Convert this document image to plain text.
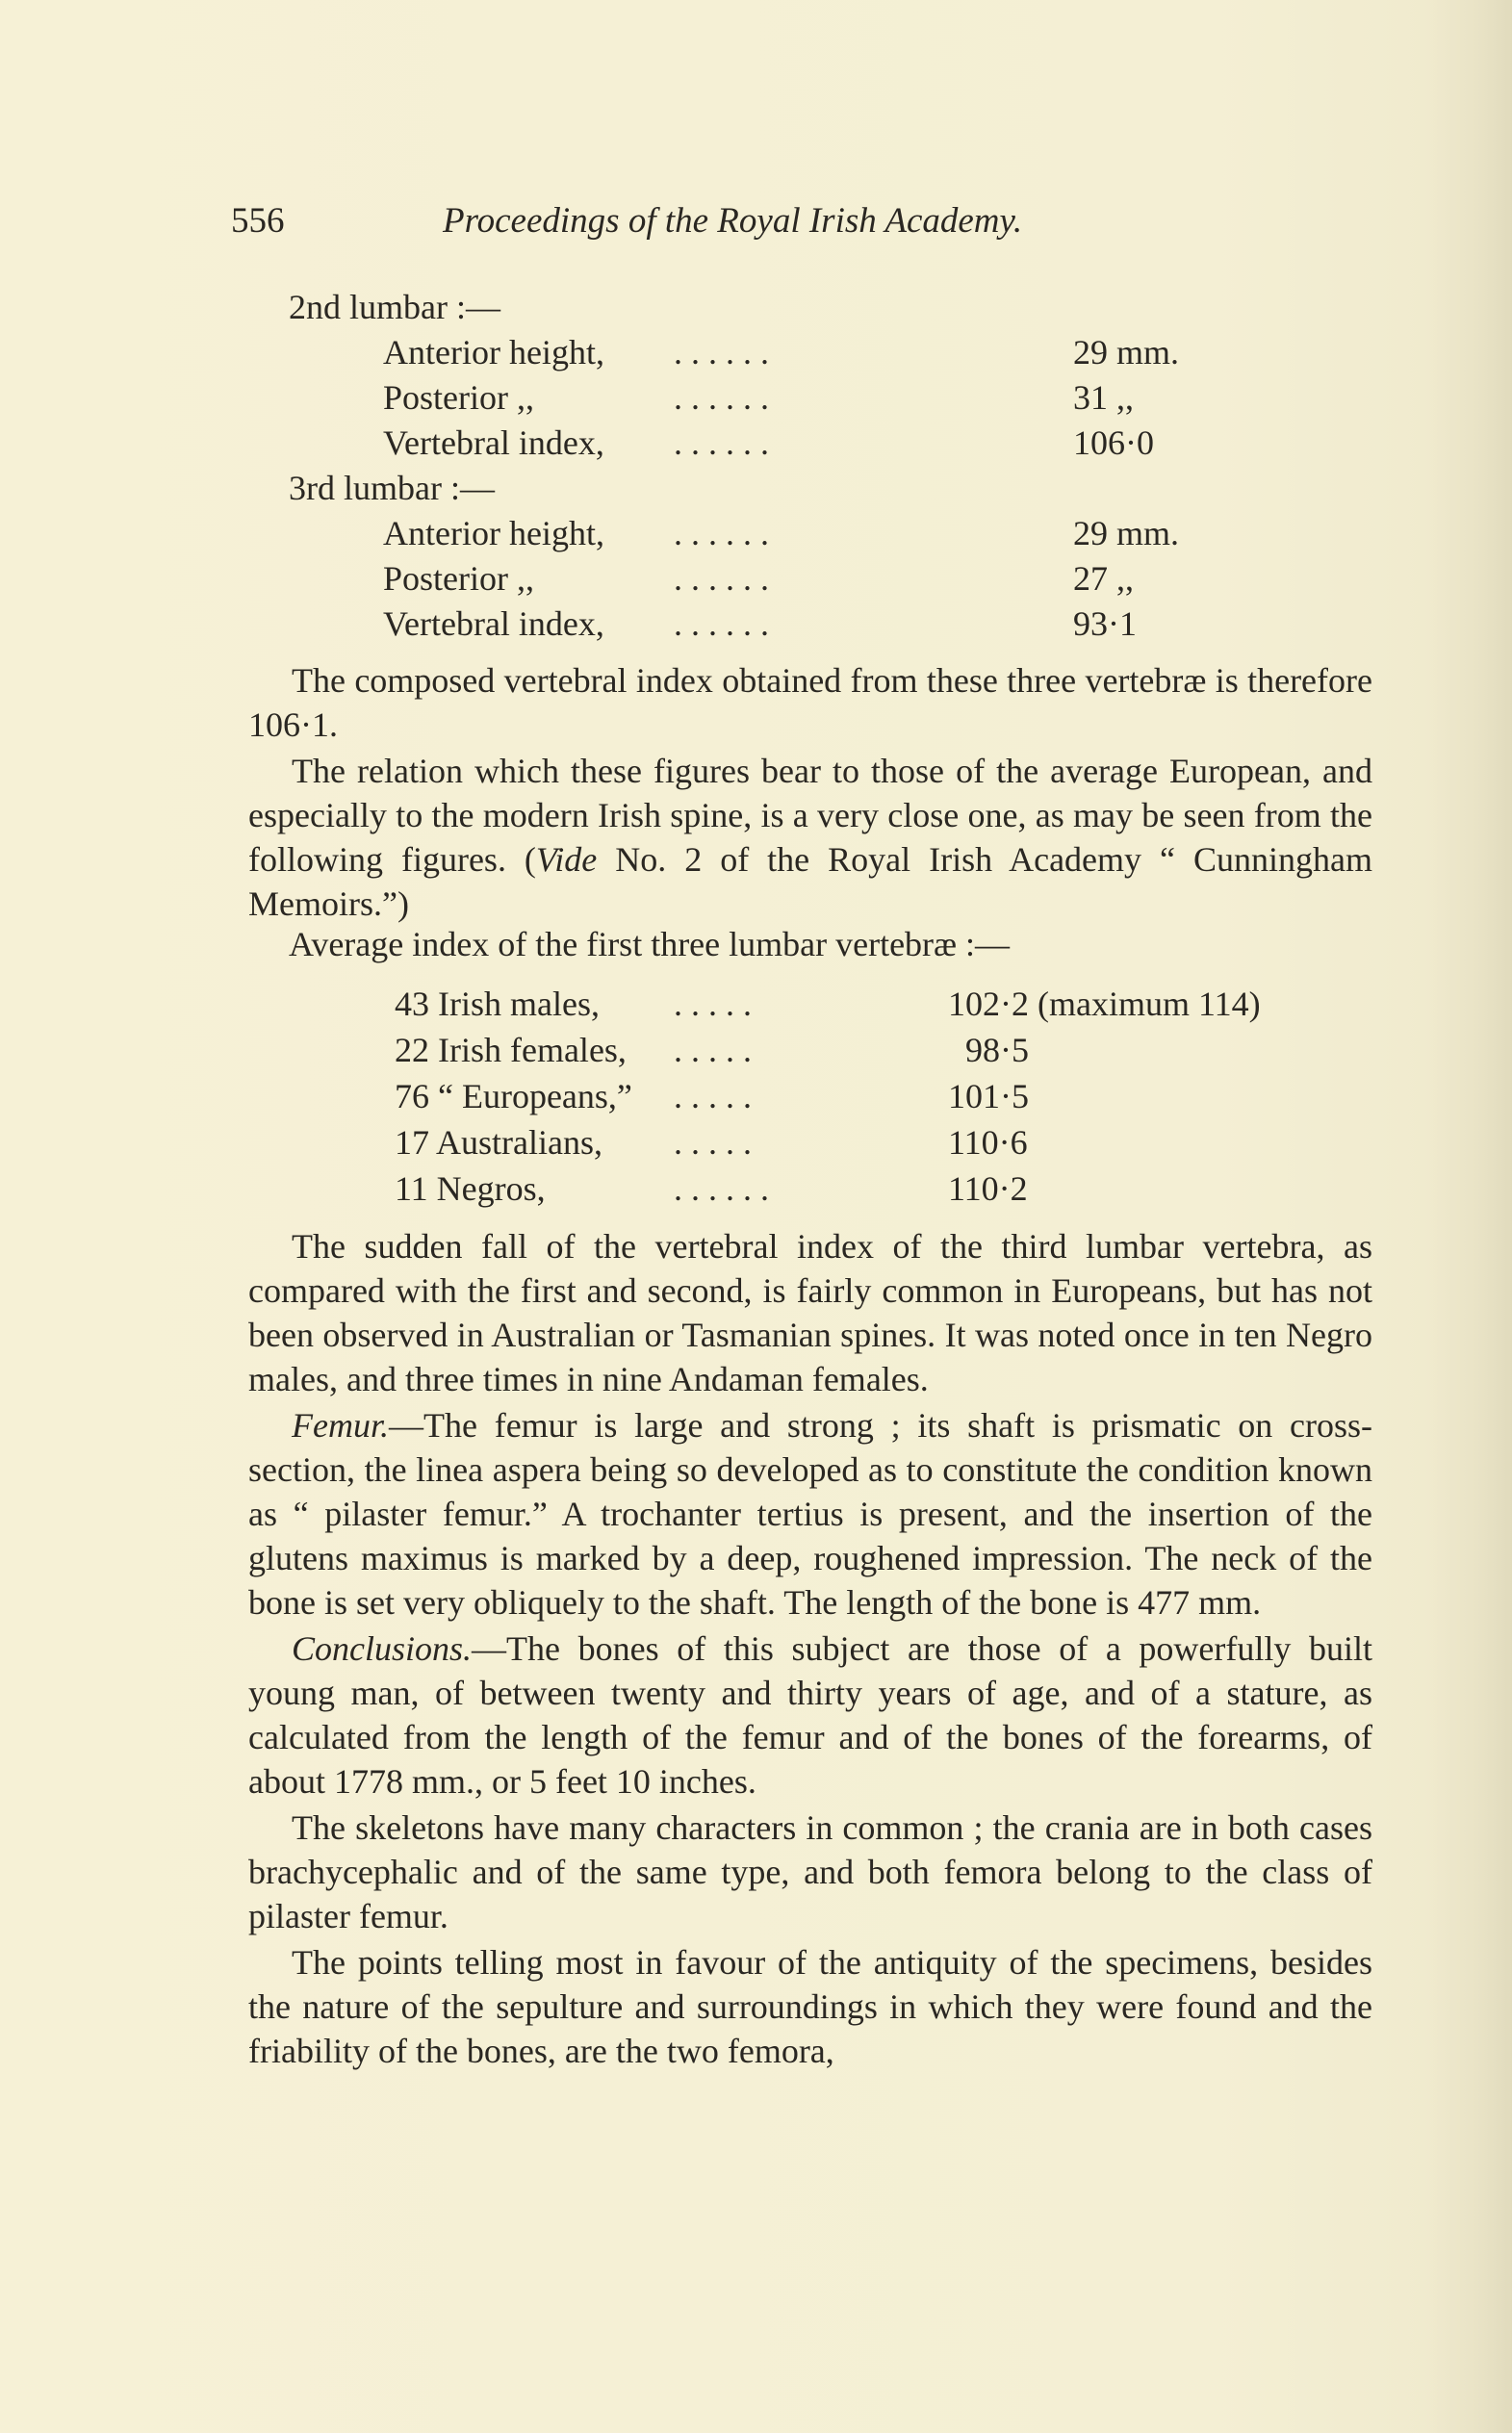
556	Proceedings of the Royal Irish Academy.
2nd lumbar :—
Anterior height, . . . . . .	29 mm.
Posterior ,,	. . . . . .	31 ,,
Vertebral index, . . . . . .	106·0
3rd lumbar :—
Anterior height, . . . . . .	29 mm.
Posterior ,,	. . . . . .	27 ,,
Vertebral index, . . . . . .	93·1

The composed vertebral index obtained from these three vertebræ is therefore 106·1.

The relation which these figures bear to those of the average European, and especially to the modern Irish spine, is a very close one, as may be seen from the following figures. (Vide No. 2 of the Royal Irish Academy “ Cunningham Memoirs.”)

Average index of the first three lumbar vertebræ :—
43 Irish males, . . . . .	102·2 (maximum 114)
22 Irish females, . . . . .	98·5
76 “ Europeans,” . . . . .	101·5
17 Australians, . . . . .	110·6
11 Negros,	. . . . . .	110·2

The sudden fall of the vertebral index of the third lumbar vertebra, as compared with the first and second, is fairly common in Europeans, but has not been observed in Australian or Tasmanian spines. It was noted once in ten Negro males, and three times in nine Andaman females.

Femur.—The femur is large and strong ; its shaft is prismatic on cross-section, the linea aspera being so developed as to constitute the condition known as “ pilaster femur.” A trochanter tertius is present, and the insertion of the glutens maximus is marked by a deep, roughened impression. The neck of the bone is set very obliquely to the shaft. The length of the bone is 477 mm.

Conclusions.—The bones of this subject are those of a powerfully built young man, of between twenty and thirty years of age, and of a stature, as calculated from the length of the femur and of the bones of the forearms, of about 1778 mm., or 5 feet 10 inches.

The skeletons have many characters in common ; the crania are in both cases brachycephalic and of the same type, and both femora belong to the class of pilaster femur.

The points telling most in favour of the antiquity of the specimens, besides the nature of the sepulture and surroundings in which they were found and the friability of the bones, are the two femora,
